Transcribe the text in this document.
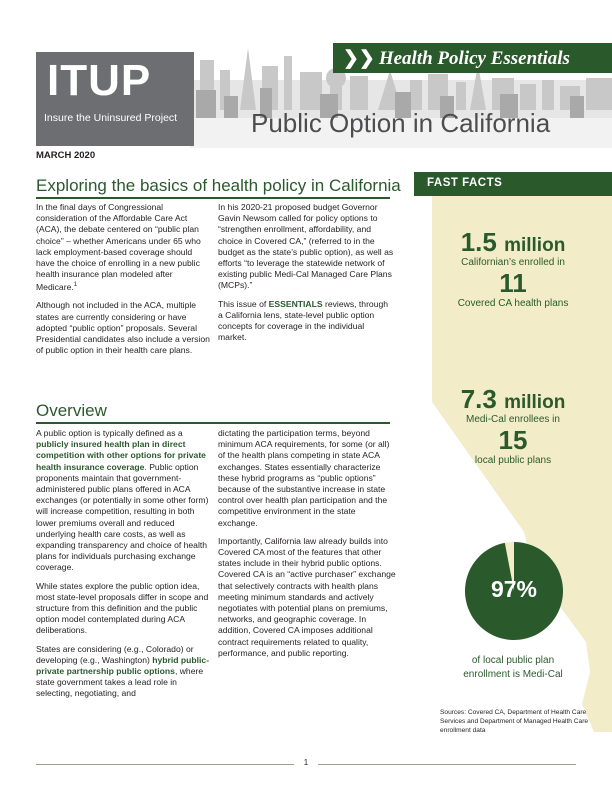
ITUP
Insure the Uninsured Project
❯❯ Health Policy Essentials
Public Option in California
MARCH 2020
Exploring the basics of health policy in California

In the final days of Congressional consideration of the Affordable Care Act (ACA), the debate centered on “public plan choice” – whether Americans under 65 who lack employment-based coverage should have the choice of enrolling in a new public health insurance plan modeled after Medicare.$^1$

Although not included in the ACA, multiple states are currently considering or have adopted “public option” proposals. Several Presidential candidates also include a version of public option in their health care plans.

In his 2020-21 proposed budget Governor Gavin Newsom called for policy options to “strengthen enrollment, affordability, and choice in Covered CA,” (referred to in the budget as the state’s public option), as well as efforts “to leverage the statewide network of existing public Medi-Cal Managed Care Plans (MCPs).”

This issue of ESSENTIALS reviews, through a California lens, state-level public option concepts for coverage in the individual market.

Overview

A public option is typically defined as a publicly insured health plan in direct competition with other options for private health insurance coverage. Public option proponents maintain that government-administered public plans offered in ACA exchanges (or potentially in some other form) will increase competition, resulting in both lower premiums overall and reduced underlying health care costs, as well as expanding transparency and choice of health plans for individuals purchasing exchange coverage.

While states explore the public option idea, most state-level proposals differ in scope and structure from this definition and the public option model contemplated during ACA deliberations.

States are considering (e.g., Colorado) or developing (e.g., Washington) hybrid public-private partnership public options, where state government takes a lead role in selecting, negotiating, and

dictating the participation terms, beyond minimum ACA requirements, for some (or all) of the health plans competing in state ACA exchanges. States essentially characterize these hybrid programs as “public options” because of the substantive increase in state control over health plan participation and the competitive environment in the state exchange.

Importantly, California law already builds into Covered CA most of the features that other states include in their hybrid public options. Covered CA is an “active purchaser” exchange that selectively contracts with health plans meeting minimum standards and actively negotiates with potential plans on premiums, networks, and geographic coverage. In addition, Covered CA imposes additional contract requirements related to quality, performance, and public reporting.

FAST FACTS
1.5 million
Californian’s enrolled in
11
Covered CA health plans
7.3 million
Medi-Cal enrollees in
15
local public plans
97%
of local public plan
enrollment is Medi-Cal
Sources: Covered CA, Department of Health Care Services and Department of Managed Health Care enrollment data
1
